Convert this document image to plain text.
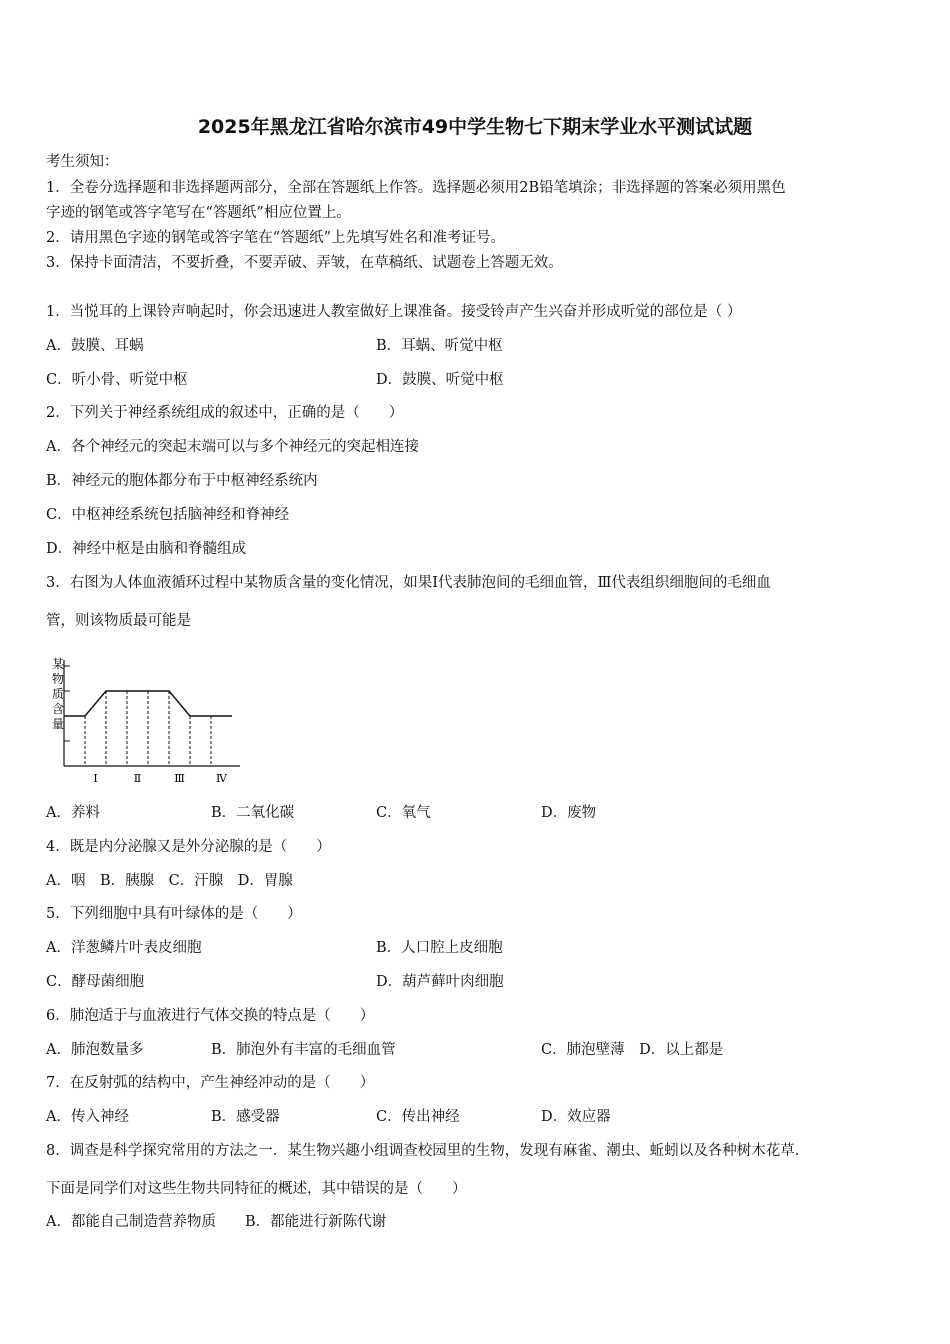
2025年黑龙江省哈尔滨市49中学生物七下期末学业水平测试试题
考生须知：
1．全卷分选择题和非选择题两部分，全部在答题纸上作答。选择题必须用2B铅笔填涂；非选择题的答案必须用黑色
字迹的钢笔或答字笔写在“答题纸”相应位置上。
2．请用黑色字迹的钢笔或答字笔在“答题纸”上先填写姓名和准考证号。
3．保持卡面清洁，不要折叠，不要弄破、弄皱，在草稿纸、试题卷上答题无效。
1．当悦耳的上课铃声响起时，你会迅速进人教室做好上课准备。接受铃声产生兴奋并形成听觉的部位是（ ）
A．鼓膜、耳蜗	B．耳蜗、听觉中枢
C．听小骨、听觉中枢	D．鼓膜、听觉中枢
2．下列关于神经系统组成的叙述中，正确的是（　　）
A．各个神经元的突起末端可以与多个神经元的突起相连接
B．神经元的胞体都分布于中枢神经系统内
C．中枢神经系统包括脑神经和脊神经
D．神经中枢是由脑和脊髓组成
3．右图为人体血液循环过程中某物质含量的变化情况，如果Ⅰ代表肺泡间的毛细血管，Ⅲ代表组织细胞间的毛细血
管，则该物质最可能是
某
物
质
含
量
Ⅰ	Ⅱ	Ⅲ	Ⅳ
A．养料	B．二氧化碳	C．氧气	D．废物
4．既是内分泌腺又是外分泌腺的是（　　）
A．咽　B．胰腺　C．汗腺　D．胃腺
5．下列细胞中具有叶绿体的是（　　）
A．洋葱鳞片叶表皮细胞	B．人口腔上皮细胞
C．酵母菌细胞	D．葫芦藓叶肉细胞
6．肺泡适于与血液进行气体交换的特点是（　　）
A．肺泡数量多	B．肺泡外有丰富的毛细血管	C．肺泡壁薄　D．以上都是
7．在反射弧的结构中，产生神经冲动的是（　　）
A．传入神经	B．感受器	C．传出神经	D．效应器
8．调查是科学探究常用的方法之一．某生物兴趣小组调查校园里的生物，发现有麻雀、潮虫、蚯蚓以及各种树木花草.
下面是同学们对这些生物共同特征的概述，其中错误的是（　　）
A．都能自己制造营养物质　　B．都能进行新陈代谢
